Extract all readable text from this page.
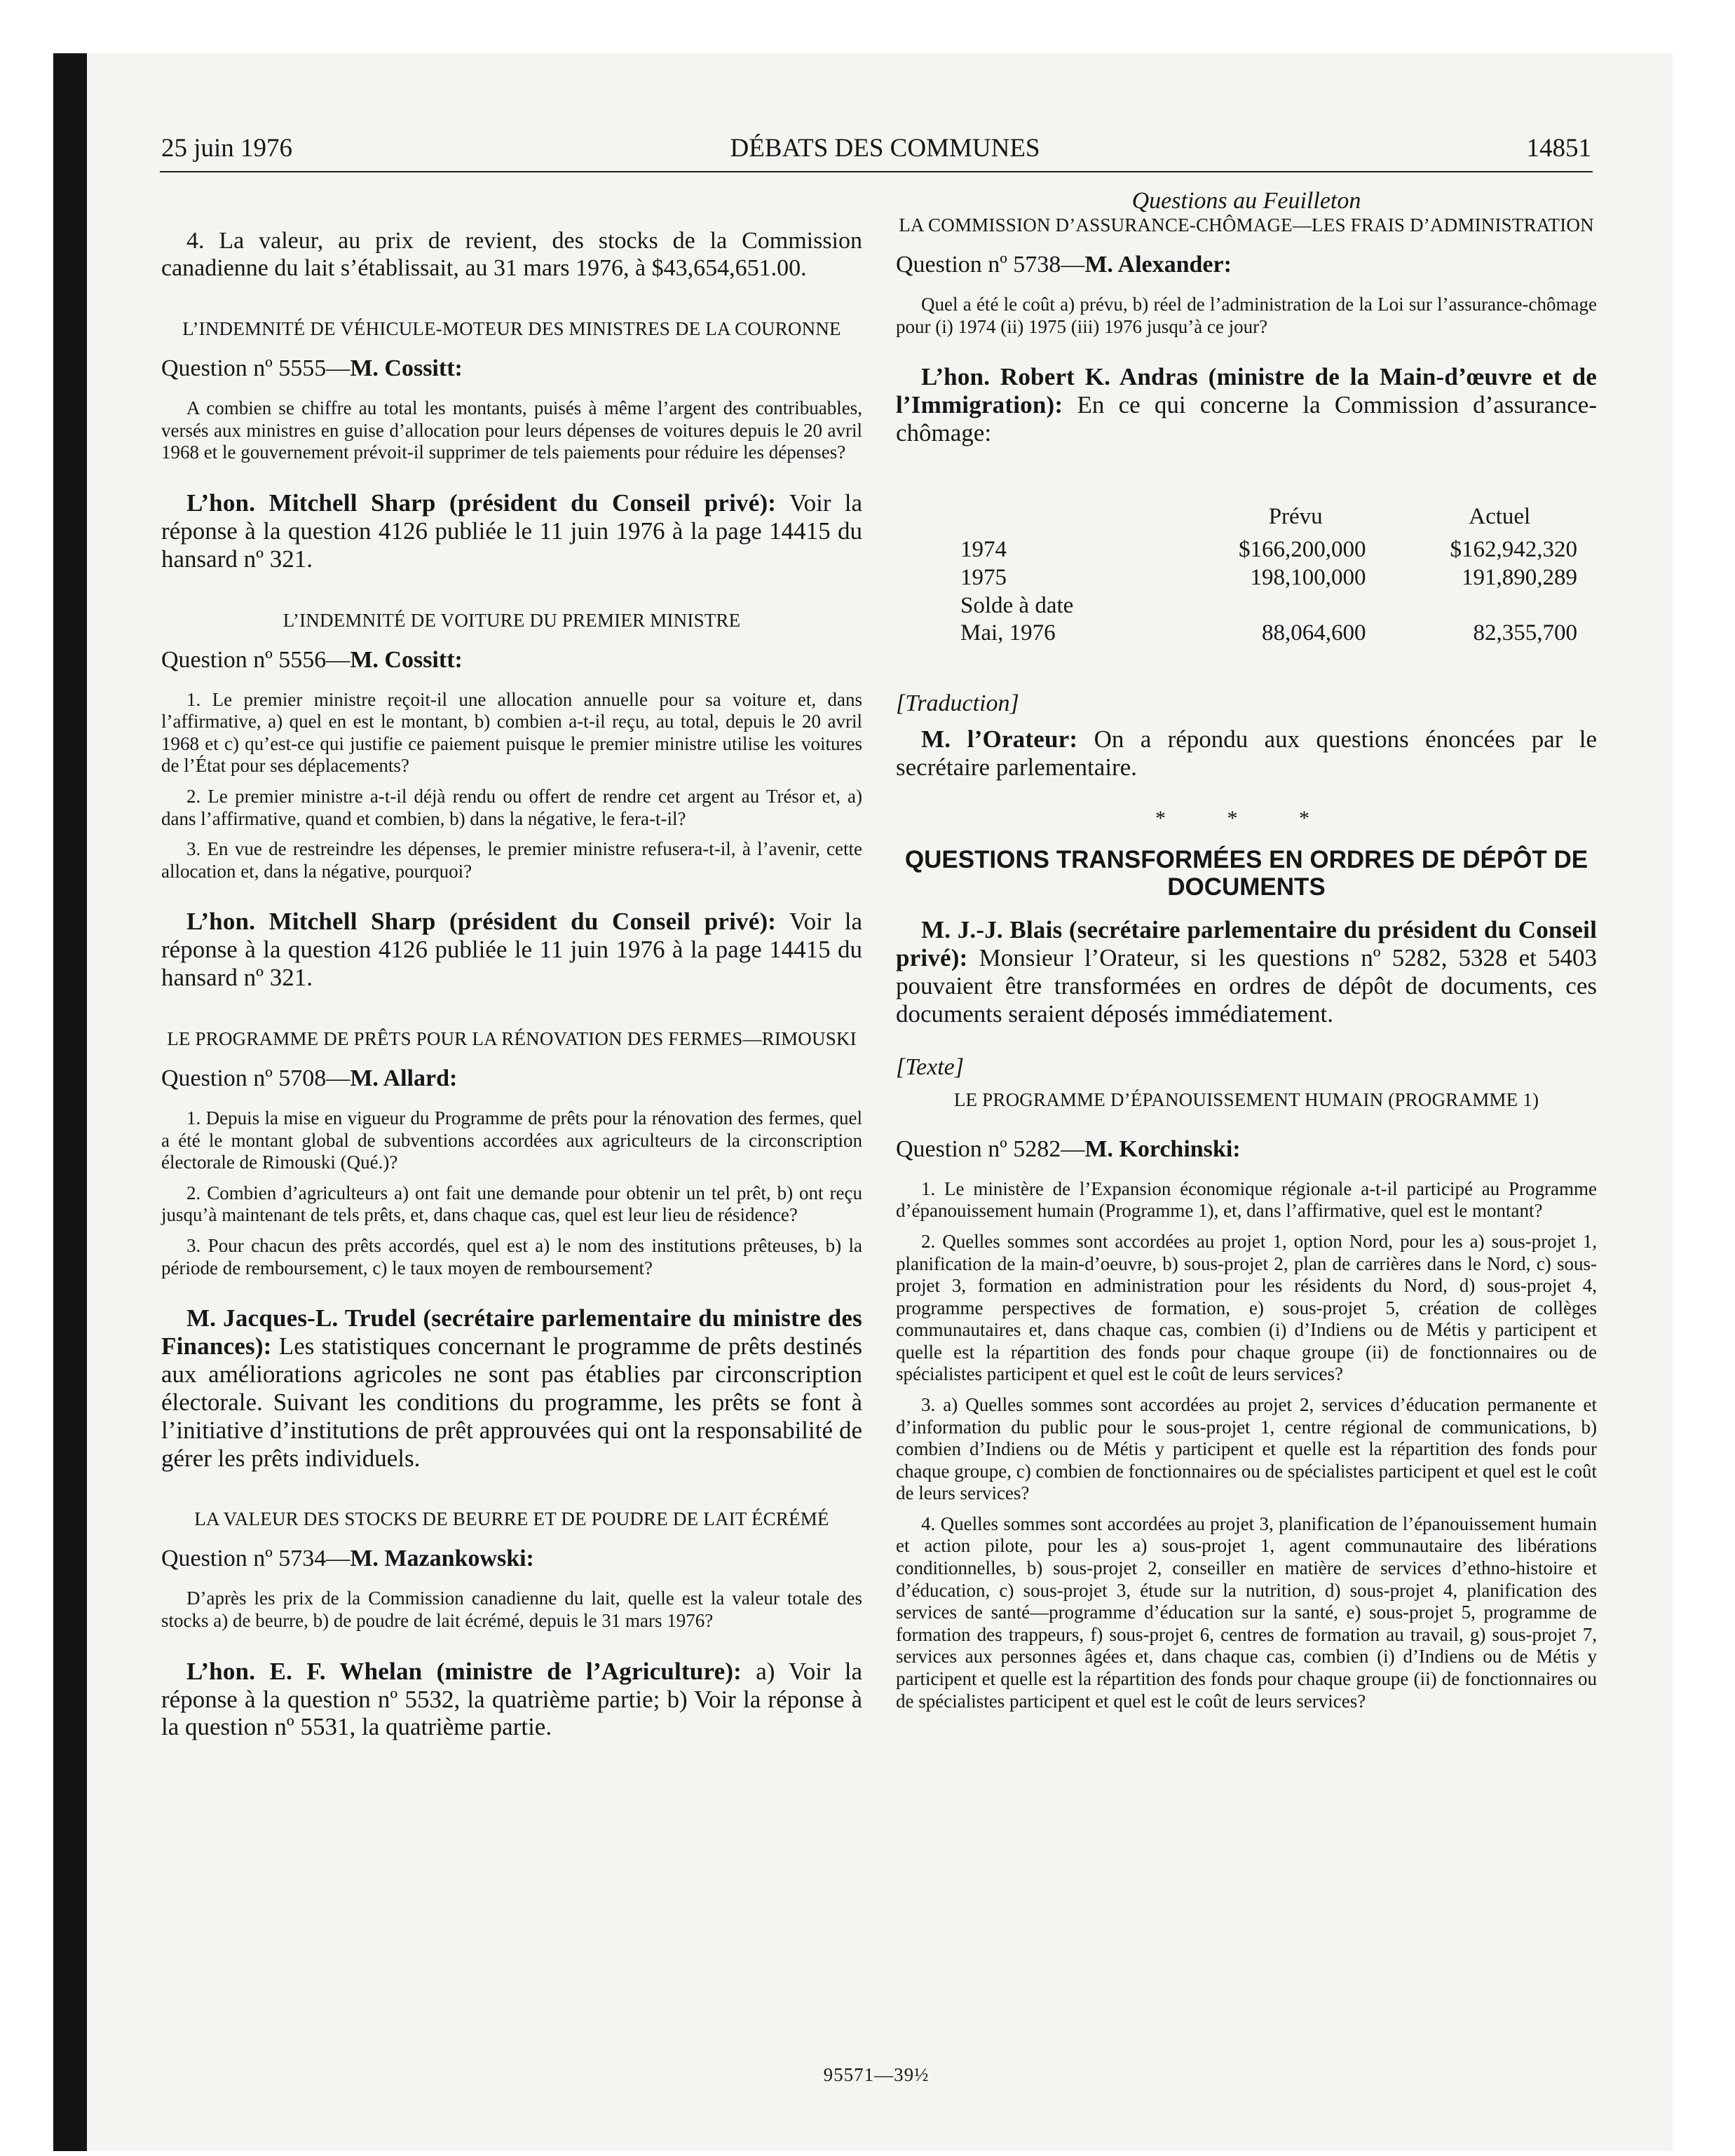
25 juin 1976	DÉBATS DES COMMUNES	14851

4. La valeur, au prix de revient, des stocks de la Commission canadienne du lait s’établissait, au 31 mars 1976, à $43,654,651.00.

L’INDEMNITÉ DE VÉHICULE-MOTEUR DES MINISTRES DE LA COURONNE

Question nº 5555—M. Cossitt:

A combien se chiffre au total les montants, puisés à même l’argent des contribuables, versés aux ministres en guise d’allocation pour leurs dépenses de voitures depuis le 20 avril 1968 et le gouvernement prévoit-il supprimer de tels paiements pour réduire les dépenses?

L’hon. Mitchell Sharp (président du Conseil privé): Voir la réponse à la question 4126 publiée le 11 juin 1976 à la page 14415 du hansard nº 321.

L’INDEMNITÉ DE VOITURE DU PREMIER MINISTRE

Question nº 5556—M. Cossitt:

1. Le premier ministre reçoit-il une allocation annuelle pour sa voiture et, dans l’affirmative, a) quel en est le montant, b) combien a-t-il reçu, au total, depuis le 20 avril 1968 et c) qu’est-ce qui justifie ce paiement puisque le premier ministre utilise les voitures de l’État pour ses déplacements?

2. Le premier ministre a-t-il déjà rendu ou offert de rendre cet argent au Trésor et, a) dans l’affirmative, quand et combien, b) dans la négative, le fera-t-il?

3. En vue de restreindre les dépenses, le premier ministre refusera-t-il, à l’avenir, cette allocation et, dans la négative, pourquoi?

L’hon. Mitchell Sharp (président du Conseil privé): Voir la réponse à la question 4126 publiée le 11 juin 1976 à la page 14415 du hansard nº 321.

LE PROGRAMME DE PRÊTS POUR LA RÉNOVATION DES FERMES—RIMOUSKI

Question nº 5708—M. Allard:

1. Depuis la mise en vigueur du Programme de prêts pour la rénovation des fermes, quel a été le montant global de subventions accordées aux agriculteurs de la circonscription électorale de Rimouski (Qué.)?

2. Combien d’agriculteurs a) ont fait une demande pour obtenir un tel prêt, b) ont reçu jusqu’à maintenant de tels prêts, et, dans chaque cas, quel est leur lieu de résidence?

3. Pour chacun des prêts accordés, quel est a) le nom des institutions prêteuses, b) la période de remboursement, c) le taux moyen de remboursement?

M. Jacques-L. Trudel (secrétaire parlementaire du ministre des Finances): Les statistiques concernant le programme de prêts destinés aux améliorations agricoles ne sont pas établies par circonscription électorale. Suivant les conditions du programme, les prêts se font à l’initiative d’institutions de prêt approuvées qui ont la responsabilité de gérer les prêts individuels.

LA VALEUR DES STOCKS DE BEURRE ET DE POUDRE DE LAIT ÉCRÉMÉ

Question nº 5734—M. Mazankowski:

D’après les prix de la Commission canadienne du lait, quelle est la valeur totale des stocks a) de beurre, b) de poudre de lait écrémé, depuis le 31 mars 1976?

L’hon. E. F. Whelan (ministre de l’Agriculture): a) Voir la réponse à la question nº 5532, la quatrième partie; b) Voir la réponse à la question nº 5531, la quatrième partie.

Questions au Feuilleton

LA COMMISSION D’ASSURANCE-CHÔMAGE—LES FRAIS D’ADMINISTRATION

Question nº 5738—M. Alexander:

Quel a été le coût a) prévu, b) réel de l’administration de la Loi sur l’assurance-chômage pour (i) 1974 (ii) 1975 (iii) 1976 jusqu’à ce jour?

L’hon. Robert K. Andras (ministre de la Main-d’œuvre et de l’Immigration): En ce qui concerne la Commission d’assurance-chômage:

	Prévu	Actuel
1974	$166,200,000	$162,942,320
1975	198,100,000	191,890,289
Solde à date		
Mai, 1976	88,064,600	82,355,700

[Traduction]

M. l’Orateur: On a répondu aux questions énoncées par le secrétaire parlementaire.

* * *

QUESTIONS TRANSFORMÉES EN ORDRES DE DÉPÔT DE DOCUMENTS

M. J.-J. Blais (secrétaire parlementaire du président du Conseil privé): Monsieur l’Orateur, si les questions nº 5282, 5328 et 5403 pouvaient être transformées en ordres de dépôt de documents, ces documents seraient déposés immédiatement.

[Texte]

LE PROGRAMME D’ÉPANOUISSEMENT HUMAIN (PROGRAMME 1)

Question nº 5282—M. Korchinski:

1. Le ministère de l’Expansion économique régionale a-t-il participé au Programme d’épanouissement humain (Programme 1), et, dans l’affirmative, quel est le montant?

2. Quelles sommes sont accordées au projet 1, option Nord, pour les a) sous-projet 1, planification de la main-d’oeuvre, b) sous-projet 2, plan de carrières dans le Nord, c) sous-projet 3, formation en administration pour les résidents du Nord, d) sous-projet 4, programme perspectives de formation, e) sous-projet 5, création de collèges communautaires et, dans chaque cas, combien (i) d’Indiens ou de Métis y participent et quelle est la répartition des fonds pour chaque groupe (ii) de fonctionnaires ou de spécialistes participent et quel est le coût de leurs services?

3. a) Quelles sommes sont accordées au projet 2, services d’éducation permanente et d’information du public pour le sous-projet 1, centre régional de communications, b) combien d’Indiens ou de Métis y participent et quelle est la répartition des fonds pour chaque groupe, c) combien de fonctionnaires ou de spécialistes participent et quel est le coût de leurs services?

4. Quelles sommes sont accordées au projet 3, planification de l’épanouissement humain et action pilote, pour les a) sous-projet 1, agent communautaire des libérations conditionnelles, b) sous-projet 2, conseiller en matière de services d’ethno-histoire et d’éducation, c) sous-projet 3, étude sur la nutrition, d) sous-projet 4, planification des services de santé—programme d’éducation sur la santé, e) sous-projet 5, programme de formation des trappeurs, f) sous-projet 6, centres de formation au travail, g) sous-projet 7, services aux personnes âgées et, dans chaque cas, combien (i) d’Indiens ou de Métis y participent et quelle est la répartition des fonds pour chaque groupe (ii) de fonctionnaires ou de spécialistes participent et quel est le coût de leurs services?

95571—39½
